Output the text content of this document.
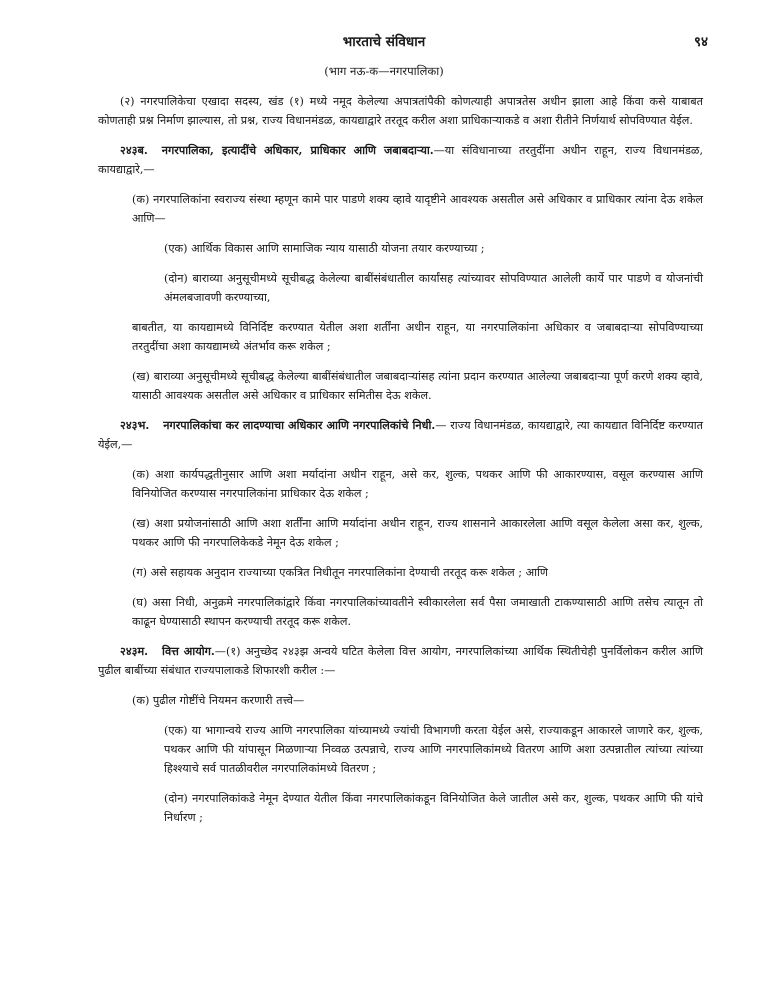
भारताचे संविधान	९४
(भाग नऊ-क—नगरपालिका)

(२) नगरपालिकेचा एखादा सदस्य, खंड (१) मध्ये नमूद केलेल्या अपात्रतांपैकी कोणत्याही अपात्रतेस अधीन झाला आहे किंवा कसे याबाबत कोणताही प्रश्न निर्माण झाल्यास, तो प्रश्न, राज्य विधानमंडळ, कायद्याद्वारे तरतूद करील अशा प्राधिकाऱ्याकडे व अशा रीतीने निर्णयार्थ सोपविण्यात येईल.

२४३ब. नगरपालिका, इत्यादींचे अधिकार, प्राधिकार आणि जबाबदाऱ्या.—या संविधानाच्या तरतुदींना अधीन राहून, राज्य विधानमंडळ, कायद्याद्वारे,—

(क) नगरपालिकांना स्वराज्य संस्था म्हणून कामे पार पाडणे शक्य व्हावे यादृष्टीने आवश्यक असतील असे अधिकार व प्राधिकार त्यांना देऊ शकेल आणि—

(एक) आर्थिक विकास आणि सामाजिक न्याय यासाठी योजना तयार करण्याच्या ;

(दोन) बाराव्या अनुसूचीमध्ये सूचीबद्ध केलेल्या बाबींसंबंधातील कार्यांसह त्यांच्यावर सोपविण्यात आलेली कार्ये पार पाडणे व योजनांची अंमलबजावणी करण्याच्या,

बाबतीत, या कायद्यामध्ये विनिर्दिष्ट करण्यात येतील अशा शर्तींना अधीन राहून, या नगरपालिकांना अधिकार व जबाबदाऱ्या सोपविण्याच्या तरतुदींचा अशा कायद्यामध्ये अंतर्भाव करू शकेल ;

(ख) बाराव्या अनुसूचीमध्ये सूचीबद्ध केलेल्या बाबींसंबंधातील जबाबदाऱ्यांसह त्यांना प्रदान करण्यात आलेल्या जबाबदाऱ्या पूर्ण करणे शक्य व्हावे, यासाठी आवश्यक असतील असे अधिकार व प्राधिकार समितीस देऊ शकेल.

२४३भ. नगरपालिकांचा कर लादण्याचा अधिकार आणि नगरपालिकांचे निधी.— राज्य विधानमंडळ, कायद्याद्वारे, त्या कायद्यात विनिर्दिष्ट करण्यात येईल,—

(क) अशा कार्यपद्धतीनुसार आणि अशा मर्यादांना अधीन राहून, असे कर, शुल्क, पथकर आणि फी आकारण्यास, वसूल करण्यास आणि विनियोजित करण्यास नगरपालिकांना प्राधिकार देऊ शकेल ;

(ख) अशा प्रयोजनांसाठी आणि अशा शर्तींना आणि मर्यादांना अधीन राहून, राज्य शासनाने आकारलेला आणि वसूल केलेला असा कर, शुल्क, पथकर आणि फी नगरपालिकेकडे नेमून देऊ शकेल ;

(ग) असे सहायक अनुदान राज्याच्या एकत्रित निधीतून नगरपालिकांना देण्याची तरतूद करू शकेल ; आणि

(घ) असा निधी, अनुक्रमे नगरपालिकांद्वारे किंवा नगरपालिकांच्यावतीने स्वीकारलेला सर्व पैसा जमाखाती टाकण्यासाठी आणि तसेच त्यातून तो काढून घेण्यासाठी स्थापन करण्याची तरतूद करू शकेल.

२४३म. वित्त आयोग.—(१) अनुच्छेद २४३झ अन्वये घटित केलेला वित्त आयोग, नगरपालिकांच्या आर्थिक स्थितीचेही पुनर्विलोकन करील आणि पुढील बाबींच्या संबंधात राज्यपालाकडे शिफारशी करील :—

(क) पुढील गोष्टींचे नियमन करणारी तत्त्वे—

(एक) या भागान्वये राज्य आणि नगरपालिका यांच्यामध्ये ज्यांची विभागणी करता येईल असे, राज्याकडून आकारले जाणारे कर, शुल्क, पथकर आणि फी यांपासून मिळणाऱ्या निव्वळ उत्पन्नाचे, राज्य आणि नगरपालिकांमध्ये वितरण आणि अशा उत्पन्नातील त्यांच्या त्यांच्या हिश्श्याचे सर्व पातळीवरील नगरपालिकांमध्ये वितरण ;

(दोन) नगरपालिकांकडे नेमून देण्यात येतील किंवा नगरपालिकांकडून विनियोजित केले जातील असे कर, शुल्क, पथकर आणि फी यांचे निर्धारण ;
